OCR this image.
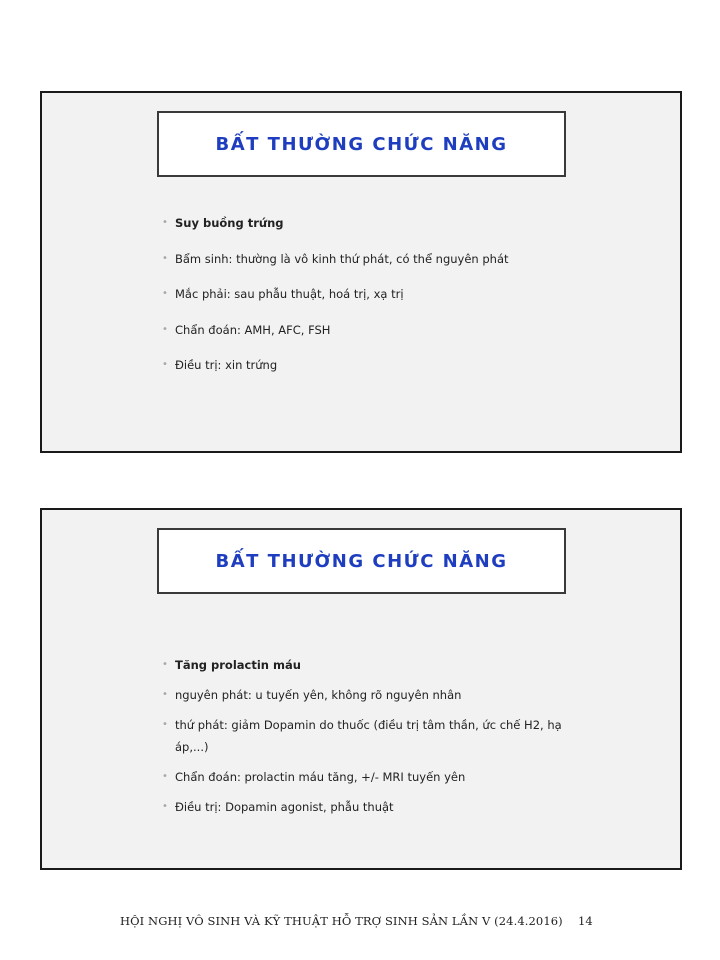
BẤT THƯỜNG CHỨC NĂNG
• Suy buồng trứng
• Bẩm sinh: thường là vô kinh thứ phát, có thể nguyên phát
• Mắc phải: sau phẫu thuật, hoá trị, xạ trị
• Chẩn đoán: AMH, AFC, FSH
• Điều trị: xin trứng
BẤT THƯỜNG CHỨC NĂNG
• Tăng prolactin máu
• nguyên phát: u tuyến yên, không rõ nguyên nhân
• thứ phát: giảm Dopamin do thuốc (điều trị tâm thần, ức chế H2, hạ áp,...)
• Chẩn đoán: prolactin máu tăng, +/- MRI tuyến yên
• Điều trị: Dopamin agonist, phẫu thuật
HỘI NGHỊ VÔ SINH VÀ KỸ THUẬT HỖ TRỢ SINH SẢN LẦN V (24.4.2016) 14
